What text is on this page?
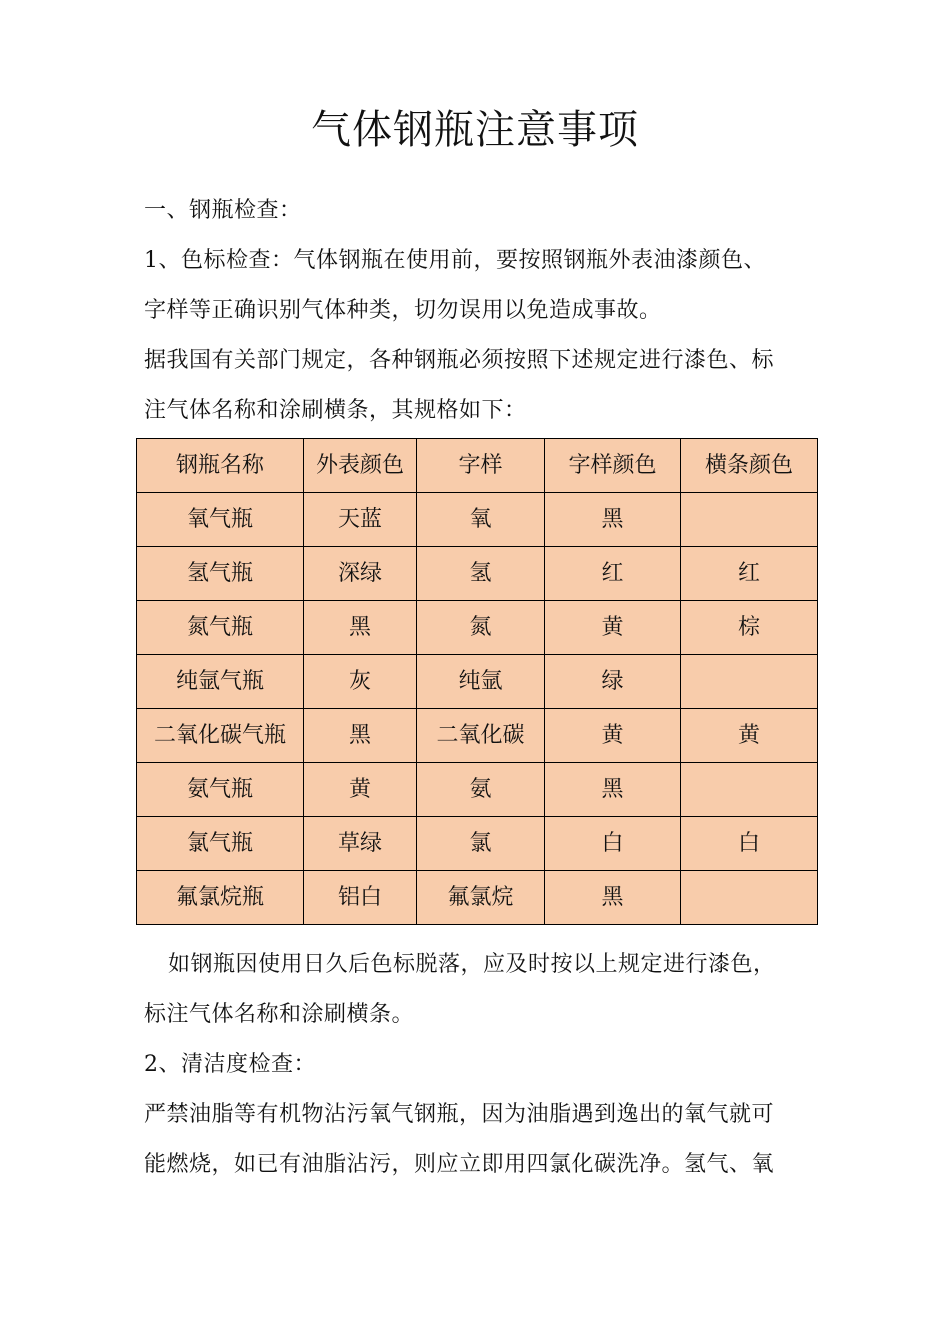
气体钢瓶注意事项
一、钢瓶检查：
1、色标检查：气体钢瓶在使用前，要按照钢瓶外表油漆颜色、
字样等正确识别气体种类，切勿误用以免造成事故。
据我国有关部门规定，各种钢瓶必须按照下述规定进行漆色、标
注气体名称和涂刷横条，其规格如下：
钢瓶名称	外表颜色	字样	字样颜色	横条颜色
氧气瓶	天蓝	氧	黑	
氢气瓶	深绿	氢	红	红
氮气瓶	黑	氮	黄	棕
纯氩气瓶	灰	纯氩	绿	
二氧化碳气瓶	黑	二氧化碳	黄	黄
氨气瓶	黄	氨	黑	
氯气瓶	草绿	氯	白	白
氟氯烷瓶	铝白	氟氯烷	黑	
如钢瓶因使用日久后色标脱落，应及时按以上规定进行漆色，
标注气体名称和涂刷横条。
2、清洁度检查：
严禁油脂等有机物沾污氧气钢瓶，因为油脂遇到逸出的氧气就可
能燃烧，如已有油脂沾污，则应立即用四氯化碳洗净。氢气、氧
